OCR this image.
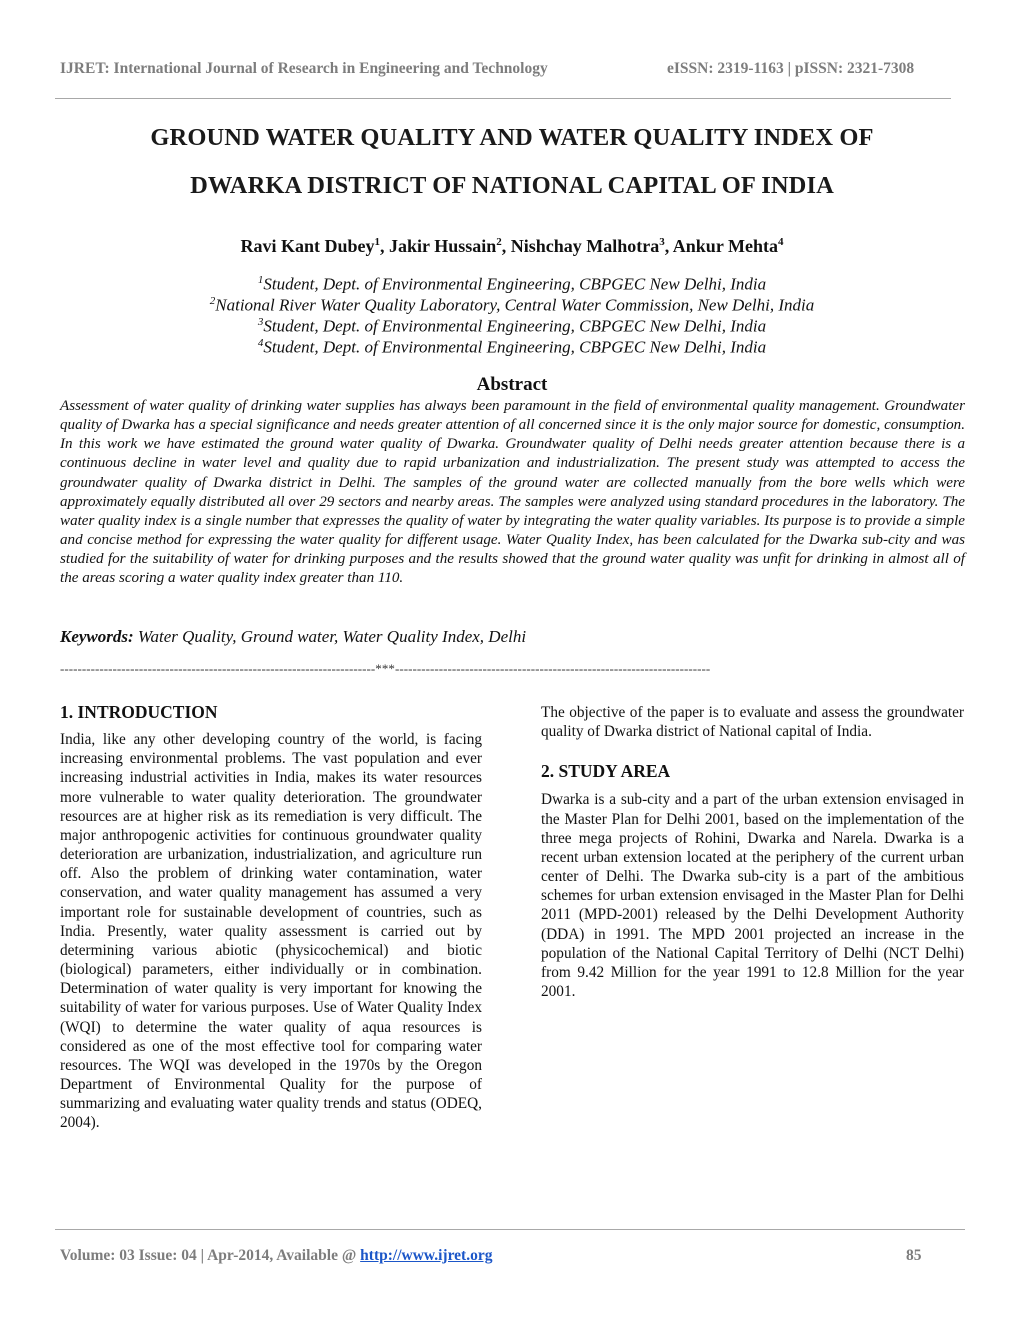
IJRET: International Journal of Research in Engineering and Technology	eISSN: 2319-1163 | pISSN: 2321-7308
GROUND WATER QUALITY AND WATER QUALITY INDEX OF
DWARKA DISTRICT OF NATIONAL CAPITAL OF INDIA
Ravi Kant Dubey$^1$, Jakir Hussain$^2$, Nishchay Malhotra$^3$, Ankur Mehta$^4$
$^1$Student, Dept. of Environmental Engineering, CBPGEC New Delhi, India
$^2$National River Water Quality Laboratory, Central Water Commission, New Delhi, India
$^3$Student, Dept. of Environmental Engineering, CBPGEC New Delhi, India
$^4$Student, Dept. of Environmental Engineering, CBPGEC New Delhi, India
Abstract
Assessment of water quality of drinking water supplies has always been paramount in the field of environmental quality management. Groundwater quality of Dwarka has a special significance and needs greater attention of all concerned since it is the only major source for domestic, consumption. In this work we have estimated the ground water quality of Dwarka. Groundwater quality of Delhi needs greater attention because there is a continuous decline in water level and quality due to rapid urbanization and industrialization. The present study was attempted to access the groundwater quality of Dwarka district in Delhi. The samples of the ground water are collected manually from the bore wells which were approximately equally distributed all over 29 sectors and nearby areas. The samples were analyzed using standard procedures in the laboratory. The water quality index is a single number that expresses the quality of water by integrating the water quality variables. Its purpose is to provide a simple and concise method for expressing the water quality for different usage. Water Quality Index, has been calculated for the Dwarka sub-city and was studied for the suitability of water for drinking purposes and the results showed that the ground water quality was unfit for drinking in almost all of the areas scoring a water quality index greater than 110.
Keywords: Water Quality, Ground water, Water Quality Index, Delhi
------------------------------------------------------------------------***------------------------------------------------------------------------
1. INTRODUCTION
India, like any other developing country of the world, is facing increasing environmental problems. The vast population and ever increasing industrial activities in India, makes its water resources more vulnerable to water quality deterioration. The groundwater resources are at higher risk as its remediation is very difficult. The major anthropogenic activities for continuous groundwater quality deterioration are urbanization, industrialization, and agriculture run off. Also the problem of drinking water contamination, water conservation, and water quality management has assumed a very important role for sustainable development of countries, such as India. Presently, water quality assessment is carried out by determining various abiotic (physicochemical) and biotic (biological) parameters, either individually or in combination. Determination of water quality is very important for knowing the suitability of water for various purposes. Use of Water Quality Index (WQI) to determine the water quality of aqua resources is considered as one of the most effective tool for comparing water resources. The WQI was developed in the 1970s by the Oregon Department of Environmental Quality for the purpose of summarizing and evaluating water quality trends and status (ODEQ, 2004).
The objective of the paper is to evaluate and assess the groundwater quality of Dwarka district of National capital of India.
2. STUDY AREA
Dwarka is a sub-city and a part of the urban extension envisaged in the Master Plan for Delhi 2001, based on the implementation of the three mega projects of Rohini, Dwarka and Narela. Dwarka is a recent urban extension located at the periphery of the current urban center of Delhi. The Dwarka sub-city is a part of the ambitious schemes for urban extension envisaged in the Master Plan for Delhi 2011 (MPD-2001) released by the Delhi Development Authority (DDA) in 1991. The MPD 2001 projected an increase in the population of the National Capital Territory of Delhi (NCT Delhi) from 9.42 Million for the year 1991 to 12.8 Million for the year 2001.
Volume: 03 Issue: 04 | Apr-2014, Available @ http://www.ijret.org	85
